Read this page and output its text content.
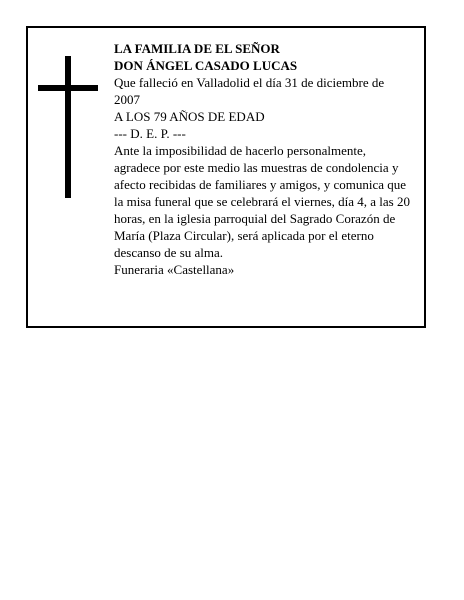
LA FAMILIA DE EL SEÑOR

DON ÁNGEL CASADO LUCAS

Que falleció en Valladolid el día 31 de diciembre de 2007

A LOS 79 AÑOS DE EDAD

--- D. E. P. ---

Ante la imposibilidad de hacerlo personalmente, agradece por este medio las muestras de condolencia y afecto recibidas de familiares y amigos, y comunica que la misa funeral que se celebrará el viernes, día 4, a las 20 horas, en la iglesia parroquial del Sagrado Corazón de María (Plaza Circular), será aplicada por el eterno descanso de su alma.

Funeraria «Castellana»
